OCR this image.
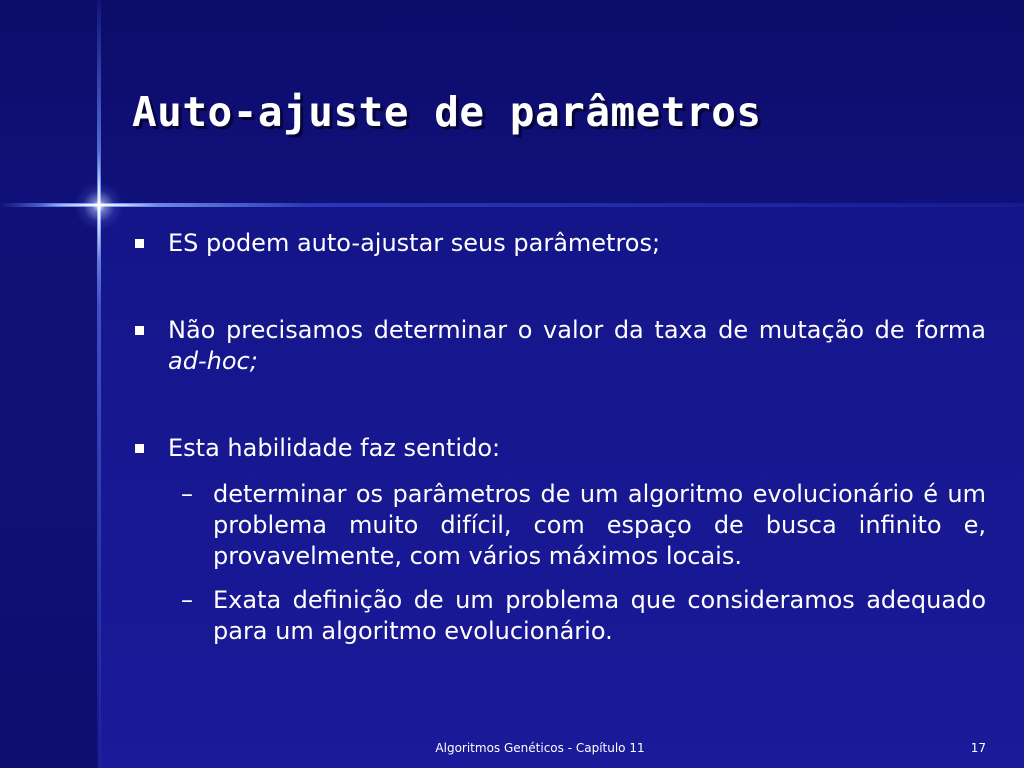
Auto-ajuste de parâmetros
ES podem auto-ajustar seus parâmetros;
Não precisamos determinar o valor da taxa de mutação de forma ad-hoc;
Esta habilidade faz sentido:
– determinar os parâmetros de um algoritmo evolucionário é um problema muito difícil, com espaço de busca infinito e, provavelmente, com vários máximos locais.
– Exata definição de um problema que consideramos adequado para um algoritmo evolucionário.
Algoritmos Genéticos - Capítulo 11	17
